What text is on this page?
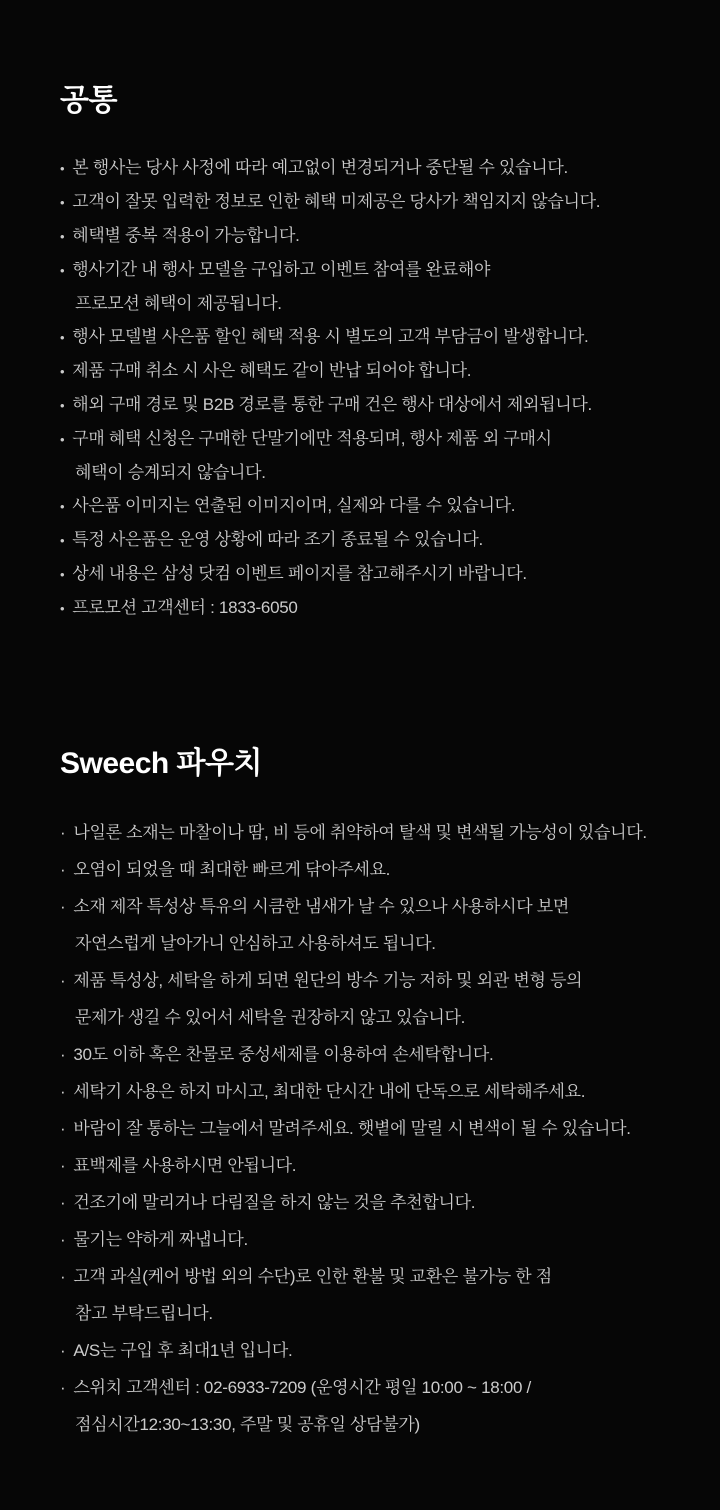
공통
• 본 행사는 당사 사정에 따라 예고없이 변경되거나 중단될 수 있습니다.
• 고객이 잘못 입력한 정보로 인한 혜택 미제공은 당사가 책임지지 않습니다.
• 혜택별 중복 적용이 가능합니다.
• 행사기간 내 행사 모델을 구입하고 이벤트 참여를 완료해야
프로모션 혜택이 제공됩니다.
• 행사 모델별 사은품 할인 혜택 적용 시 별도의 고객 부담금이 발생합니다.
• 제품 구매 취소 시 사은 혜택도 같이 반납 되어야 합니다.
• 해외 구매 경로 및 B2B 경로를 통한 구매 건은 행사 대상에서 제외됩니다.
• 구매 혜택 신청은 구매한 단말기에만 적용되며, 행사 제품 외 구매시
혜택이 승계되지 않습니다.
• 사은품 이미지는 연출된 이미지이며, 실제와 다를 수 있습니다.
• 특정 사은품은 운영 상황에 따라 조기 종료될 수 있습니다.
• 상세 내용은 삼성 닷컴 이벤트 페이지를 참고해주시기 바랍니다.
• 프로모션 고객센터 : 1833-6050
Sweech 파우치
· 나일론 소재는 마찰이나 땀, 비 등에 취약하여 탈색 및 변색될 가능성이 있습니다.
· 오염이 되었을 때 최대한 빠르게 닦아주세요.
· 소재 제작 특성상 특유의 시큼한 냄새가 날 수 있으나 사용하시다 보면
자연스럽게 날아가니 안심하고 사용하셔도 됩니다.
· 제품 특성상, 세탁을 하게 되면 원단의 방수 기능 저하 및 외관 변형 등의
문제가 생길 수 있어서 세탁을 권장하지 않고 있습니다.
· 30도 이하 혹은 찬물로 중성세제를 이용하여 손세탁합니다.
· 세탁기 사용은 하지 마시고, 최대한 단시간 내에 단독으로 세탁해주세요.
· 바람이 잘 통하는 그늘에서 말려주세요. 햇볕에 말릴 시 변색이 될 수 있습니다.
· 표백제를 사용하시면 안됩니다.
· 건조기에 말리거나 다림질을 하지 않는 것을 추천합니다.
· 물기는 약하게 짜냅니다.
· 고객 과실(케어 방법 외의 수단)로 인한 환불 및 교환은 불가능 한 점
참고 부탁드립니다.
· A/S는 구입 후 최대1년 입니다.
· 스위치 고객센터 : 02-6933-7209 (운영시간 평일 10:00 ~ 18:00 /
점심시간12:30~13:30, 주말 및 공휴일 상담불가)
